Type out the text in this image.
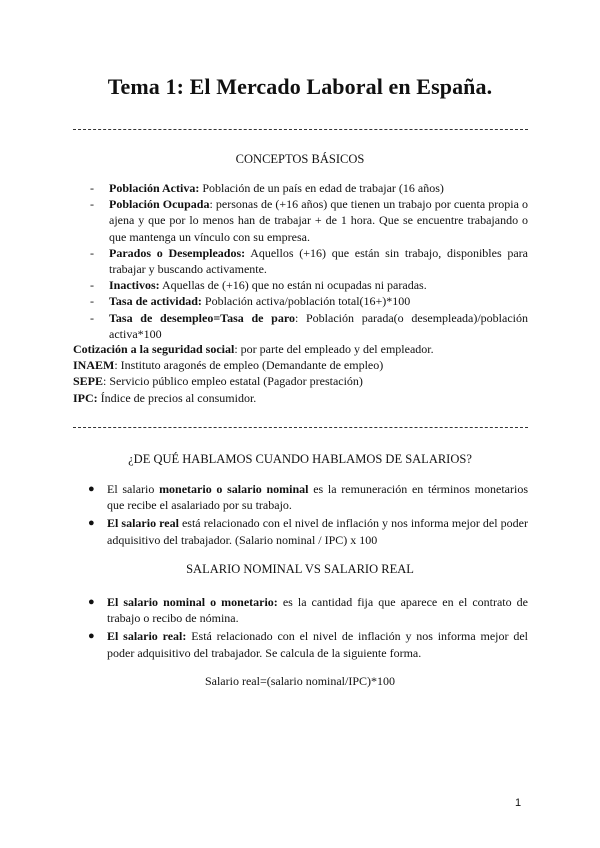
Tema 1: El Mercado Laboral en España.
CONCEPTOS BÁSICOS
- Población Activa: Población de un país en edad de trabajar (16 años)
- Población Ocupada: personas de (+16 años) que tienen un trabajo por cuenta propia o ajena y que por lo menos han de trabajar + de 1 hora. Que se encuentre trabajando o que mantenga un vínculo con su empresa.
- Parados o Desempleados: Aquellos (+16) que están sin trabajo, disponibles para trabajar y buscando activamente.
- Inactivos: Aquellas de (+16) que no están ni ocupadas ni paradas.
- Tasa de actividad: Población activa/población total(16+)*100
- Tasa de desempleo=Tasa de paro: Población parada(o desempleada)/población activa*100

Cotización a la seguridad social: por parte del empleado y del empleador.

INAEM: Instituto aragonés de empleo (Demandante de empleo)

SEPE: Servicio público empleo estatal (Pagador prestación)

IPC: Índice de precios al consumidor.

¿DE QUÉ HABLAMOS CUANDO HABLAMOS DE SALARIOS?
● El salario monetario o salario nominal es la remuneración en términos monetarios que recibe el asalariado por su trabajo.
● El salario real está relacionado con el nivel de inflación y nos informa mejor del poder adquisitivo del trabajador. (Salario nominal / IPC) x 100
SALARIO NOMINAL VS SALARIO REAL
● El salario nominal o monetario: es la cantidad fija que aparece en el contrato de trabajo o recibo de nómina.
● El salario real: Está relacionado con el nivel de inflación y nos informa mejor del poder adquisitivo del trabajador. Se calcula de la siguiente forma.
Salario real=(salario nominal/IPC)*100
1
